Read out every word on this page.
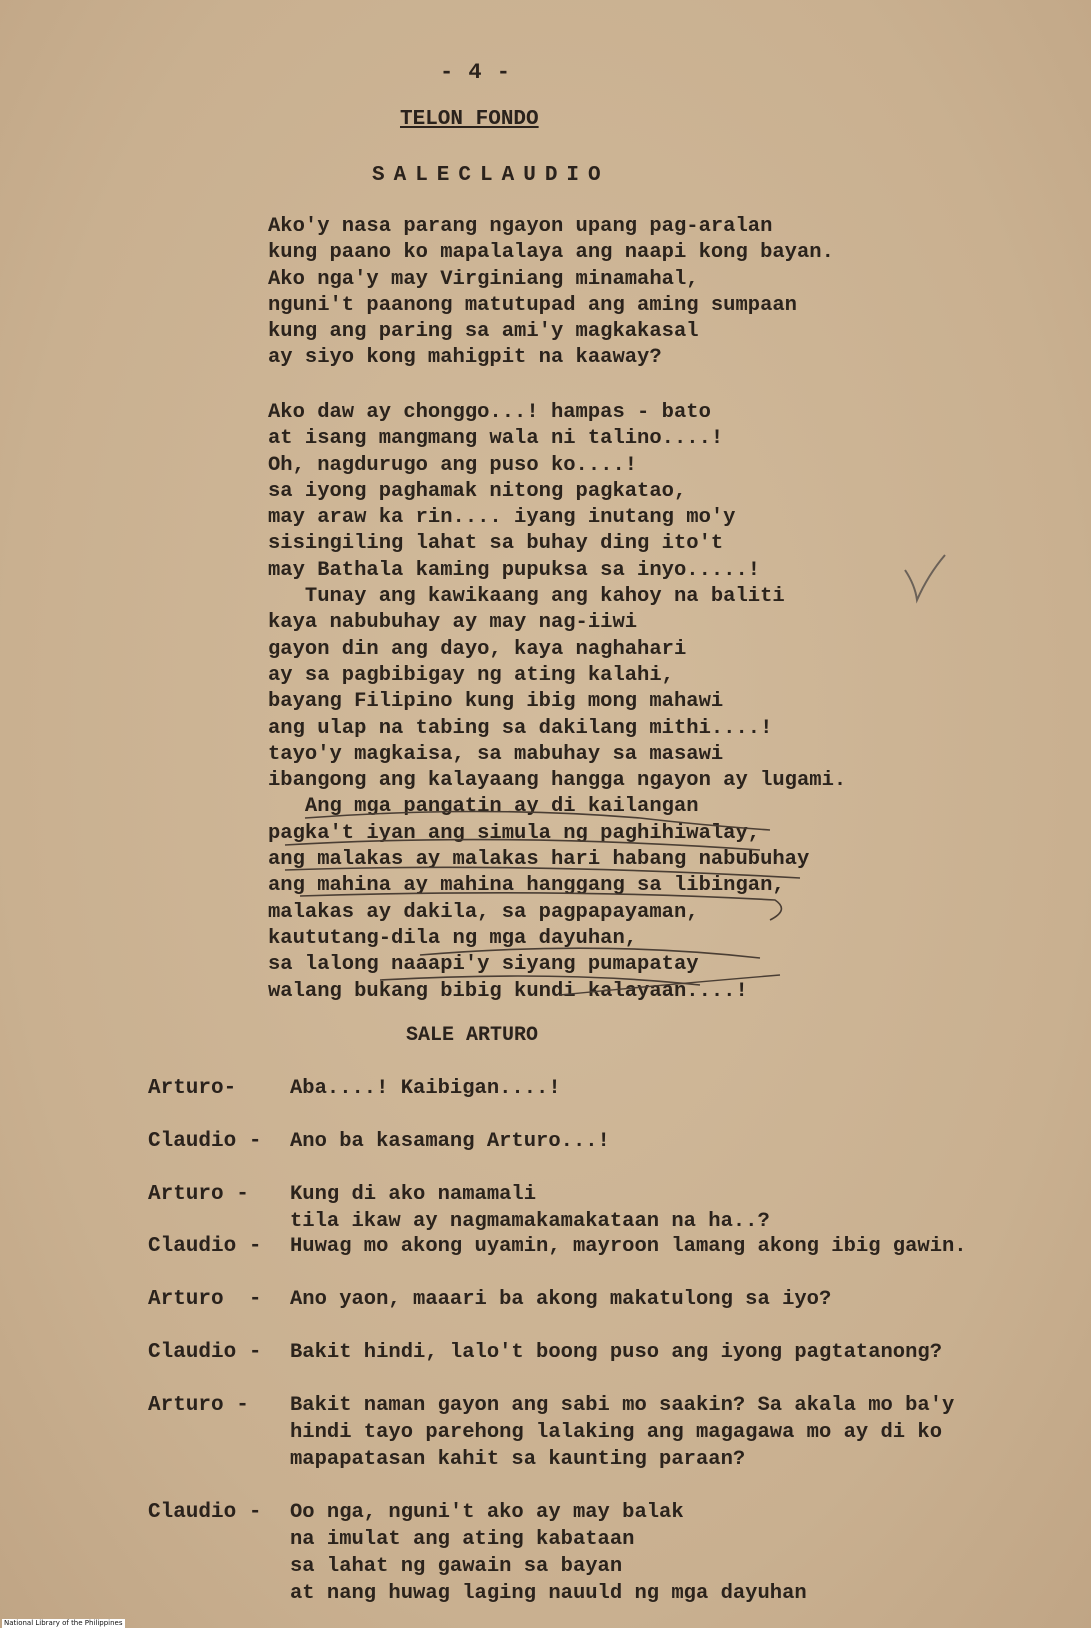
- 4 -
TELON FONDO
SALECLAUDIO
Ako'y nasa parang ngayon upang pag-aralan
kung paano ko mapalalaya ang naapi kong bayan.
Ako nga'y may Virginiang minamahal,
nguni't paanong matutupad ang aming sumpaan
kung ang paring sa ami'y magkakasal
ay siyo kong mahigpit na kaaway?
Ako daw ay chonggo...! hampas - bato
at isang mangmang wala ni talino....!
Oh, nagdurugo ang puso ko....!
sa iyong paghamak nitong pagkatao,
may araw ka rin.... iyang inutang mo'y
sisingiling lahat sa buhay ding ito't
may Bathala kaming pupuksa sa inyo.....!
Tunay ang kawikaang ang kahoy na baliti
kaya nabubuhay ay may nag-iiwi
gayon din ang dayo, kaya naghahari
ay sa pagbibigay ng ating kalahi,
bayang Filipino kung ibig mong mahawi
ang ulap na tabing sa dakilang mithi....!
tayo'y magkaisa, sa mabuhay sa masawi
ibangong ang kalayaang hangga ngayon ay lugami.
Ang mga pangatin ay di kailangan
pagka't iyan ang simula ng paghihiwalay,
ang malakas ay malakas hari habang nabubuhay
ang mahina ay mahina hanggang sa libingan,
malakas ay dakila, sa pagpapayaman,
kaututang-dila ng mga dayuhan,
sa lalong naaapi'y siyang pumapatay
walang bukang bibig kundi kalayaan....!
SALE ARTURO
Arturo-	Aba....! Kaibigan....!
Claudio - Ano ba kasamang Arturo...!
Arturo - Kung di ako namamali
tila ikaw ay nagmamakamakataan na ha..?
Claudio - Huwag mo akong uyamin, mayroon lamang akong ibig gawin.
Arturo  - Ano yaon, maaari ba akong makatulong sa iyo?
Claudio - Bakit hindi, lalo't boong puso ang iyong pagtatanong?
Arturo - Bakit naman gayon ang sabi mo saakin? Sa akala mo ba'y
hindi tayo parehong lalaking ang magagawa mo ay di ko
mapapatasan kahit sa kaunting paraan?
Claudio - Oo nga, nguni't ako ay may balak
na imulat ang ating kabataan
sa lahat ng gawain sa bayan
at nang huwag laging nauuld ng mga dayuhan
National Library of the Philippines
